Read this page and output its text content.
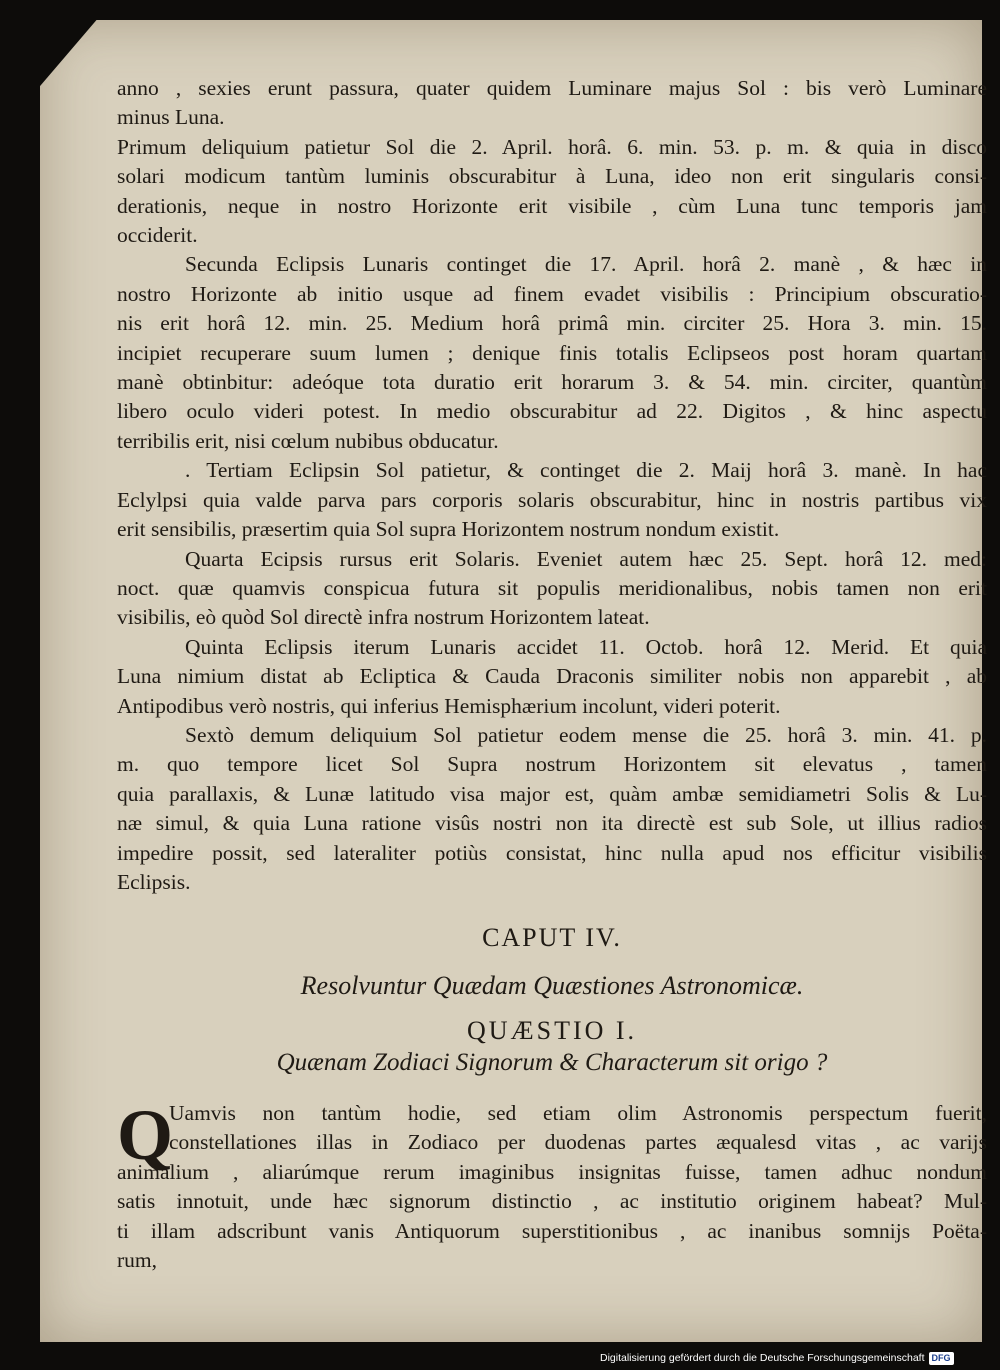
anno , sexies erunt passura, quater quidem Luminare majus Sol : bis verò Luminare
minus Luna.
Primum deliquium patietur Sol die 2. April. horâ. 6. min. 53. p. m. & quia in disco
solari modicum tantùm luminis obscurabitur à Luna, ideo non erit singularis consi-
derationis, neque in nostro Horizonte erit visibile , cùm Luna tunc temporis jam
occiderit.
Secunda Eclipsis Lunaris continget die 17. April. horâ 2. manè , & hæc in
nostro Horizonte ab initio usque ad finem evadet visibilis : Principium obscuratio-
nis erit horâ 12. min. 25. Medium horâ primâ min. circiter 25. Hora 3. min. 15.
incipiet recuperare suum lumen ; denique finis totalis Eclipseos post horam quartam
manè obtinbitur: adeóque tota duratio erit horarum 3. & 54. min. circiter, quantùm
libero oculo videri potest. In medio obscurabitur ad 22. Digitos , & hinc aspectu
terribilis erit, nisi cœlum nubibus obducatur.
. Tertiam Eclipsin Sol patietur, & continget die 2. Maij horâ 3. manè. In hac
Eclylpsi quia valde parva pars corporis solaris obscurabitur, hinc in nostris partibus vix
erit sensibilis, præsertim quia Sol supra Horizontem nostrum nondum existit.
Quarta Ecipsis rursus erit Solaris. Eveniet autem hæc 25. Sept. horâ 12. med:
noct. quæ quamvis conspicua futura sit populis meridionalibus, nobis tamen non erit
visibilis, eò quòd Sol directè infra nostrum Horizontem lateat.
Quinta Eclipsis iterum Lunaris accidet 11. Octob. horâ 12. Merid. Et quia
Luna nimium distat ab Ecliptica & Cauda Draconis similiter nobis non apparebit , ab
Antipodibus verò nostris, qui inferius Hemisphærium incolunt, videri poterit.
Sextò demum deliquium Sol patietur eodem mense die 25. horâ 3. min. 41. p.
m. quo tempore licet Sol Supra nostrum Horizontem sit elevatus , tamen
quia parallaxis, & Lunæ latitudo visa major est, quàm ambæ semidiametri Solis & Lu-
næ simul, & quia Luna ratione visûs nostri non ita directè est sub Sole, ut illius radios
impedire possit, sed lateraliter potiùs consistat, hinc nulla apud nos efficitur visibilis
Eclipsis.
CAPUT IV.
Resolvuntur Quædam Quæstiones Astronomicæ.
QUÆSTIO I.
Quænam Zodiaci Signorum & Characterum sit origo ?
Q
Uamvis non tantùm hodie, sed etiam olim Astronomis perspectum fuerit,
constellationes illas in Zodiaco per duodenas partes æqualesd vitas , ac varijs
animalium , aliarúmque rerum imaginibus insignitas fuisse, tamen adhuc nondum
satis innotuit, unde hæc signorum distinctio , ac institutio originem habeat? Mul-
ti illam adscribunt vanis Antiquorum superstitionibus , ac inanibus somnijs Poëta-
rum,
Digitalisierung gefördert durch die Deutsche Forschungsgemeinschaft DFG
